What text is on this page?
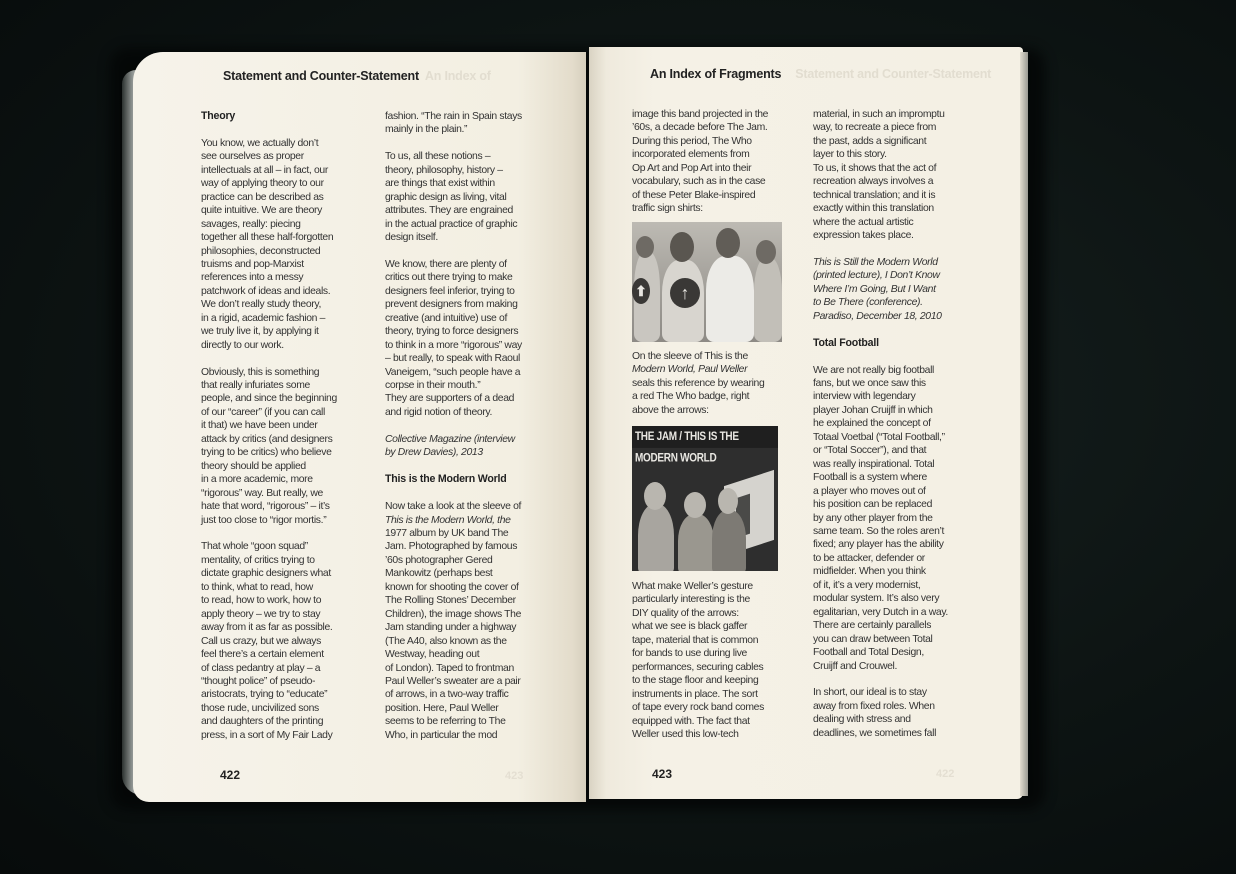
Statement and Counter-Statement An Index of
Theory

You know, we actually don’t
see ourselves as proper
intellectuals at all – in fact, our
way of applying theory to our
practice can be described as
quite intuitive. We are theory
savages, really: piecing
together all these half-forgotten
philosophies, deconstructed
truisms and pop-Marxist
references into a messy
patchwork of ideas and ideals.
We don’t really study theory,
in a rigid, academic fashion –
we truly live it, by applying it
directly to our work.

Obviously, this is something
that really infuriates some
people, and since the beginning
of our “career” (if you can call
it that) we have been under
attack by critics (and designers
trying to be critics) who believe
theory should be applied
in a more academic, more
“rigorous” way. But really, we
hate that word, “rigorous” – it’s
just too close to “rigor mortis.”

That whole “goon squad”
mentality, of critics trying to
dictate graphic designers what
to think, what to read, how
to read, how to work, how to
apply theory – we try to stay
away from it as far as possible.
Call us crazy, but we always
feel there’s a certain element
of class pedantry at play – a
“thought police” of pseudo-
aristocrats, trying to “educate”
those rude, uncivilized sons
and daughters of the printing
press, in a sort of My Fair Lady

fashion. “The rain in Spain stays
mainly in the plain.”

To us, all these notions –
theory, philosophy, history –
are things that exist within
graphic design as living, vital
attributes. They are engrained
in the actual practice of graphic
design itself.

We know, there are plenty of
critics out there trying to make
designers feel inferior, trying to
prevent designers from making
creative (and intuitive) use of
theory, trying to force designers
to think in a more “rigorous” way
– but really, to speak with Raoul
Vaneigem, “such people have a
corpse in their mouth.”
They are supporters of a dead
and rigid notion of theory.

Collective Magazine (interview
by Drew Davies), 2013

This is the Modern World

Now take a look at the sleeve of
This is the Modern World, the
1977 album by UK band The
Jam. Photographed by famous
’60s photographer Gered
Mankowitz (perhaps best
known for shooting the cover of
The Rolling Stones’ December
Children), the image shows The
Jam standing under a highway
(The A40, also known as the
Westway, heading out
of London). Taped to frontman
Paul Weller’s sweater are a pair
of arrows, in a two-way traffic
position. Here, Paul Weller
seems to be referring to The
Who, in particular the mod

422	423
An Index of Fragments Statement and Counter-Statement

image this band projected in the
’60s, a decade before The Jam.
During this period, The Who
incorporated elements from
Op Art and Pop Art into their
vocabulary, such as in the case
of these Peter Blake-inspired
traffic sign shirts:

⬆	↑

On the sleeve of This is the
Modern World, Paul Weller
seals this reference by wearing
a red The Who badge, right
above the arrows:

THE JAM / THIS IS THE MODERN WORLD

What make Weller’s gesture
particularly interesting is the
DIY quality of the arrows:
what we see is black gaffer
tape, material that is common
for bands to use during live
performances, securing cables
to the stage floor and keeping
instruments in place. The sort
of tape every rock band comes
equipped with. The fact that
Weller used this low-tech

material, in such an impromptu
way, to recreate a piece from
the past, adds a significant
layer to this story.
To us, it shows that the act of
recreation always involves a
technical translation; and it is
exactly within this translation
where the actual artistic
expression takes place.

This is Still the Modern World
(printed lecture), I Don’t Know
Where I’m Going, But I Want
to Be There (conference).
Paradiso, December 18, 2010

Total Football

We are not really big football
fans, but we once saw this
interview with legendary
player Johan Cruijff in which
he explained the concept of
Totaal Voetbal (“Total Football,”
or “Total Soccer”), and that
was really inspirational. Total
Football is a system where
a player who moves out of
his position can be replaced
by any other player from the
same team. So the roles aren’t
fixed; any player has the ability
to be attacker, defender or
midfielder. When you think
of it, it’s a very modernist,
modular system. It’s also very
egalitarian, very Dutch in a way.
There are certainly parallels
you can draw between Total
Football and Total Design,
Cruijff and Crouwel.

In short, our ideal is to stay
away from fixed roles. When
dealing with stress and
deadlines, we sometimes fall

423	422
